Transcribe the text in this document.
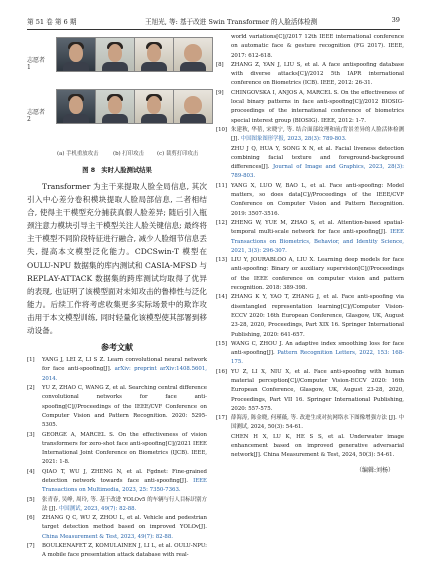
第 51 卷 第 6 期	王旭光, 等: 基于改进 Swin Transformer 的人脸活体检测	39
志愿者 1
志愿者 2
(a) 手机重放攻击	(b) 打印攻击 (c) 裁剪打印攻击
图 8　实时人脸测试结果

Transformer 为主干来提取人脸全局信息, 其次引入中心差分卷积模块提取人脸局部信息, 二者相结合, 使得主干模型充分捕获真假人脸差异; 随后引入瓶颈注意力模块引导主干模型关注人脸关键信息; 最终将主干模型不同阶段特征进行融合, 减少人脸细节信息丢失, 提高本文模型泛化能力。CDCSwin-T 模型在 OULU-NPU 数据集的库内测试和 CASIA-MFSD 与 REPLAY-ATTACK 数据集的跨库测试均取得了优异的表现, 也证明了该模型面对未知攻击的鲁棒性与泛化能力。后续工作将考虑收集更多实际场景中的欺诈攻击用于本文模型训练, 同时轻量化该模型使其部署到移动设备。

参考文献
[1] YANG J, LEI Z, LI S Z. Learn convolutional neural network for face anti-spoofing[J]. arXiv: preprint arXiv:1408.5601, 2014.
[2] YU Z, ZHAO C, WANG Z, et al. Searching central difference convolutional networks for face anti-spoofing[C]//Proceedings of the IEEE/CVF Conference on Computer Vision and Pattern Recognition. 2020: 5295-5305.
[3] GEORGE A, MARCEL S. On the effectiveness of vision transformers for zero-shot face anti-spoofing[C]//2021 IEEE International Joint Conference on Biometrics (IJCB). IEEE, 2021: 1-8.
[4] QIAO T, WU J, ZHENG N, et al. Fgdnet: Fine-grained detection network towards face anti-spoofing[J]. IEEE Transactions on Multimedia, 2023, 25: 7350-7363.
[5] 张青春, 吴峥, 周玲, 等. 基于改进 YOLOv5 的车辆与行人目标识别方法 [J]. 中国测试, 2023, 49(7): 82-88.
[6] ZHANG Q C, WU Z, ZHOU L, et al. Vehicle and pedestrian target detection method based on improved YOLOv[J]. China Measurement & Test, 2023, 49(7): 82-88.
[7] BOULKENAFET Z, KOMULAINEN J, LI L, et al. OULU-NPU: A mobile face presentation attack database with real-
world variations[C]//2017 12th IEEE international conference on automatic face & gesture recognition (FG 2017). IEEE, 2017: 612-618.
[8] ZHANG Z, YAN J, LIU S, et al. A face antispoofing database with diverse attacks[C]//2012 5th IAPR international conference on Biometrics (ICB). IEEE, 2012: 26-31.
[9] CHINGOVSKA I, ANJOS A, MARCEL S. On the effectiveness of local binary patterns in face anti-spoofing[C]//2012 BIOSIG-proceedings of the international conference of biometrics special interest group (BIOSIG). IEEE, 2012: 1-7.
[10] 朱建秋, 华蓓, 宋晓宁, 等. 结合面部纹理和前/背景差异的人脸活体检测 [J]. 中国图象图形学报, 2023, 28(3): 789-803.
ZHU J Q, HUA Y, SONG X N, et al. Facial liveness detection combining facial texture and foreground-background differences[J]. Journal of Image and Graphics, 2023, 28(3): 789-803.
[11] YANG X, LUO W, BAO L, et al. Face anti-spoofing: Model matters, so does data[C]//Proceedings of the IEEE/CVF Conference on Computer Vision and Pattern Recognition. 2019: 3507-3516.
[12] ZHENG W, YUE M, ZHAO S, et al. Attention-based spatial-temporal multi-scale network for face anti-spoofing[J]. IEEE Transactions on Biometrics, Behavior, and Identity Science, 2021, 3(3): 296-307.
[13] LIU Y, JOURABLOO A, LIU X. Learning deep models for face anti-spoofing: Binary or auxiliary supervision[C]//Proceedings of the IEEE conference on computer vision and pattern recognition. 2018: 389-398.
[14] ZHANG K Y, YAO T, ZHANG J, et al. Face anti-spoofing via disentangled representation learning[C]//Computer Vision-ECCV 2020: 16th European Conference, Glasgow, UK, August 23-28, 2020, Proceedings, Part XIX 16. Springer International Publishing, 2020: 641-657.
[15] WANG C, ZHOU J. An adaptive index smoothing loss for face anti-spoofing[J]. Pattern Recognition Letters, 2022, 153: 168-175.
[16] YU Z, LI X, NIU X, et al. Face anti-spoofing with human material perception[C]//Computer Vision-ECCV 2020: 16th European Conference, Glasgow, UK, August 23-28, 2020, Proceedings, Part VII 16. Springer International Publishing, 2020: 557-575.
[17] 薛海涛, 陈金晓, 何瑾薇, 等. 改进生成对抗网络水下图像增强方法 [J]. 中国测试, 2024, 50(3): 54-61.
CHEN H X, LU K, HE S S, et al. Underwater image enhancement based on improved generative adversarial network[J]. China Measurement & Test, 2024, 50(3): 54-61.
（编辑:刘杨）
